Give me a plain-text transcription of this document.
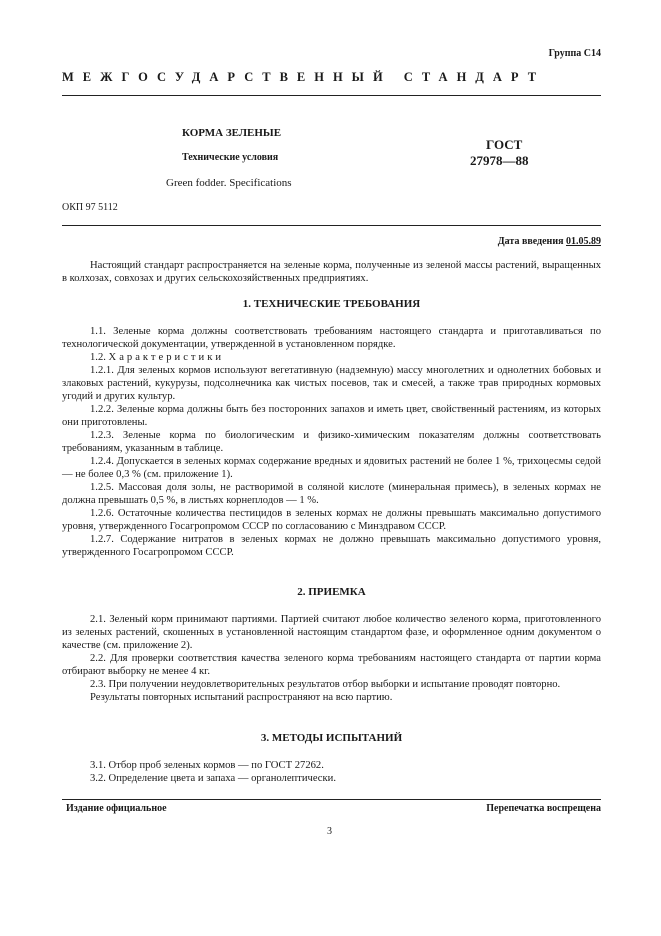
Группа С14
МЕЖГОСУДАРСТВЕННЫЙ СТАНДАРТ
КОРМА ЗЕЛЕНЫЕ
Технические условия
Green fodder. Specifications
ГОСТ
27978—88
ОКП 97 5112
Дата введения 01.05.89

Настоящий стандарт распространяется на зеленые корма, полученные из зеленой массы растений, выращенных в колхозах, совхозах и других сельскохозяйственных предприятиях.

1. ТЕХНИЧЕСКИЕ ТРЕБОВАНИЯ

1.1. Зеленые корма должны соответствовать требованиям настоящего стандарта и приготавливаться по технологической документации, утвержденной в установленном порядке.

1.2. Характеристики

1.2.1. Для зеленых кормов используют вегетативную (надземную) массу многолетних и однолетних бобовых и злаковых растений, кукурузы, подсолнечника как чистых посевов, так и смесей, а также трав природных кормовых угодий и других культур.

1.2.2. Зеленые корма должны быть без посторонних запахов и иметь цвет, свойственный растениям, из которых они приготовлены.

1.2.3. Зеленые корма по биологическим и физико-химическим показателям должны соответствовать требованиям, указанным в таблице.

1.2.4. Допускается в зеленых кормах содержание вредных и ядовитых растений не более 1 %, трихоцесмы седой — не более 0,3 % (см. приложение 1).

1.2.5. Массовая доля золы, не растворимой в соляной кислоте (минеральная примесь), в зеленых кормах не должна превышать 0,5 %, в листьях корнеплодов — 1 %.

1.2.6. Остаточные количества пестицидов в зеленых кормах не должны превышать максимально допустимого уровня, утвержденного Госагропромом СССР по согласованию с Минздравом СССР.

1.2.7. Содержание нитратов в зеленых кормах не должно превышать максимально допустимого уровня, утвержденного Госагропромом СССР.

2. ПРИЕМКА

2.1. Зеленый корм принимают партиями. Партией считают любое количество зеленого корма, приготовленного из зеленых растений, скошенных в установленной настоящим стандартом фазе, и оформленное одним документом о качестве (см. приложение 2).

2.2. Для проверки соответствия качества зеленого корма требованиям настоящего стандарта от партии корма отбирают выборку не менее 4 кг.

2.3. При получении неудовлетворительных результатов отбор выборки и испытание проводят повторно.

Результаты повторных испытаний распространяют на всю партию.

3. МЕТОДЫ ИСПЫТАНИЙ

3.1. Отбор проб зеленых кормов — по ГОСТ 27262.

3.2. Определение цвета и запаха — органолептически.

Издание официальное	Перепечатка воспрещена
3
